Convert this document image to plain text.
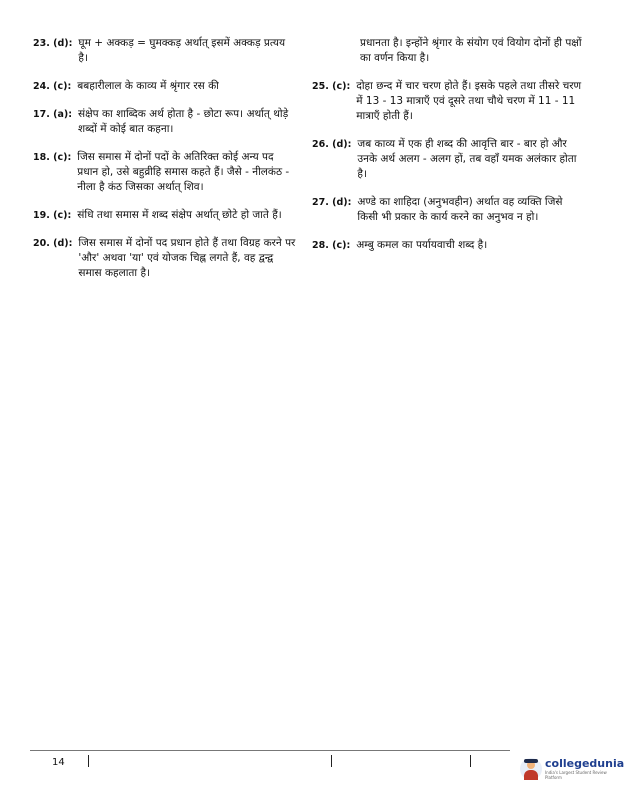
23. (d): घूम + अक्कड़ = घुमक्कड़ अर्थात् इसमें अक्कड़ प्रत्यय है।
24. (c): बबहारीलाल के काव्य में श्रृंगार रस की
17. (a): संक्षेप का शाब्दिक अर्थ होता है - छोटा रूप। अर्थात् थोड़े शब्दों में कोई बात कहना।
18. (c): जिस समास में दोनों पदों के अतिरिक्त कोई अन्य पद प्रधान हो, उसे बहुव्रीहि समास कहते हैं। जैसे - नीलकंठ - नीला है कंठ जिसका अर्थात् शिव।
19. (c): संधि तथा समास में शब्द संक्षेप अर्थात् छोटे हो जाते हैं।
20. (d): जिस समास में दोनों पद प्रधान होते हैं तथा विग्रह करने पर 'और' अथवा 'या' एवं योजक चिह्न लगते हैं, वह द्वन्द्व समास कहलाता है।
प्रधानता है। इन्होंने श्रृंगार के संयोग एवं वियोग दोनों ही पक्षों का वर्णन किया है।
25. (c): दोहा छन्द में चार चरण होते हैं। इसके पहले तथा तीसरे चरण में 13 - 13 मात्राएँ एवं दूसरे तथा चौथे चरण में 11 - 11 मात्राएँ होती हैं।
26. (d): जब काव्य में एक ही शब्द की आवृत्ति बार - बार हो और उनके अर्थ अलग - अलग हों, तब वहाँ यमक अलंकार होता है।
27. (d): अण्डे का शाहिदा (अनुभवहीन) अर्थात वह व्यक्ति जिसे किसी भी प्रकार के कार्य करने का अनुभव न हो।
28. (c): अम्बु कमल का पर्यायवाची शब्द है।
14	collegedunia
India's Largest Student Review Platform
